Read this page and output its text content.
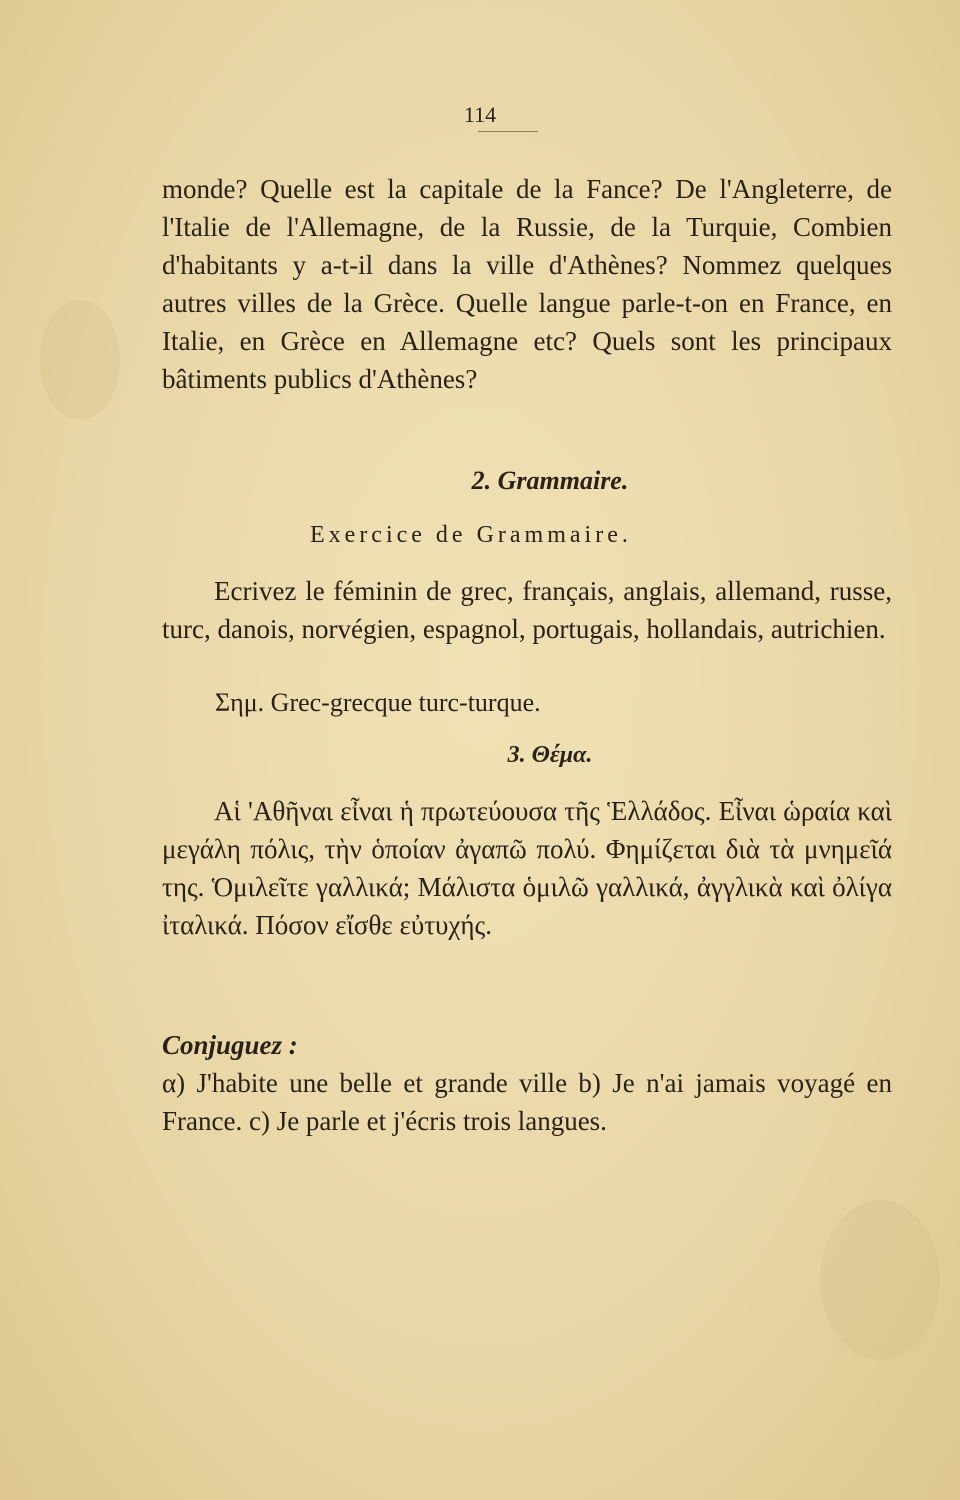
114
monde? Quelle est la capitale de la Fance? De l'Angleterre, de l'Italie de l'Allemagne, de la Russie, de la Turquie, Combien d'habitants y a-t-il dans la ville d'Athènes? Nommez quelques autres villes de la Grèce. Quelle langue parle-t-on en France, en Italie, en Grèce en Allemagne etc? Quels sont les principaux bâtiments publics d'Athènes?
2. Grammaire.
Exercice de Grammaire.
Ecrivez le féminin de grec, français, anglais, allemand, russe, turc, danois, norvégien, espagnol, portugais, hollandais, autrichien.
Σημ. Grec-grecque turc-turque.
3. Θέμα.
Αἱ 'Αθῆναι εἶναι ἡ πρωτεύουσα τῆς Ἑλλάδος. Εἶναι ὡραία καὶ μεγάλη πόλις, τὴν ὁποίαν ἀγαπῶ πολύ. Φημίζεται διὰ τὰ μνημεῖά της. Ὁμιλεῖτε γαλλικά; Μάλιστα ὁμιλῶ γαλλικά, ἀγγλικὰ καὶ ὀλίγα ἰταλικά. Πόσον εἴσθε εὐτυχής.

Conjuguez :
α) J'habite une belle et grande ville b) Je n'ai jamais voyagé en France. c) Je parle et j'écris trois langues.
